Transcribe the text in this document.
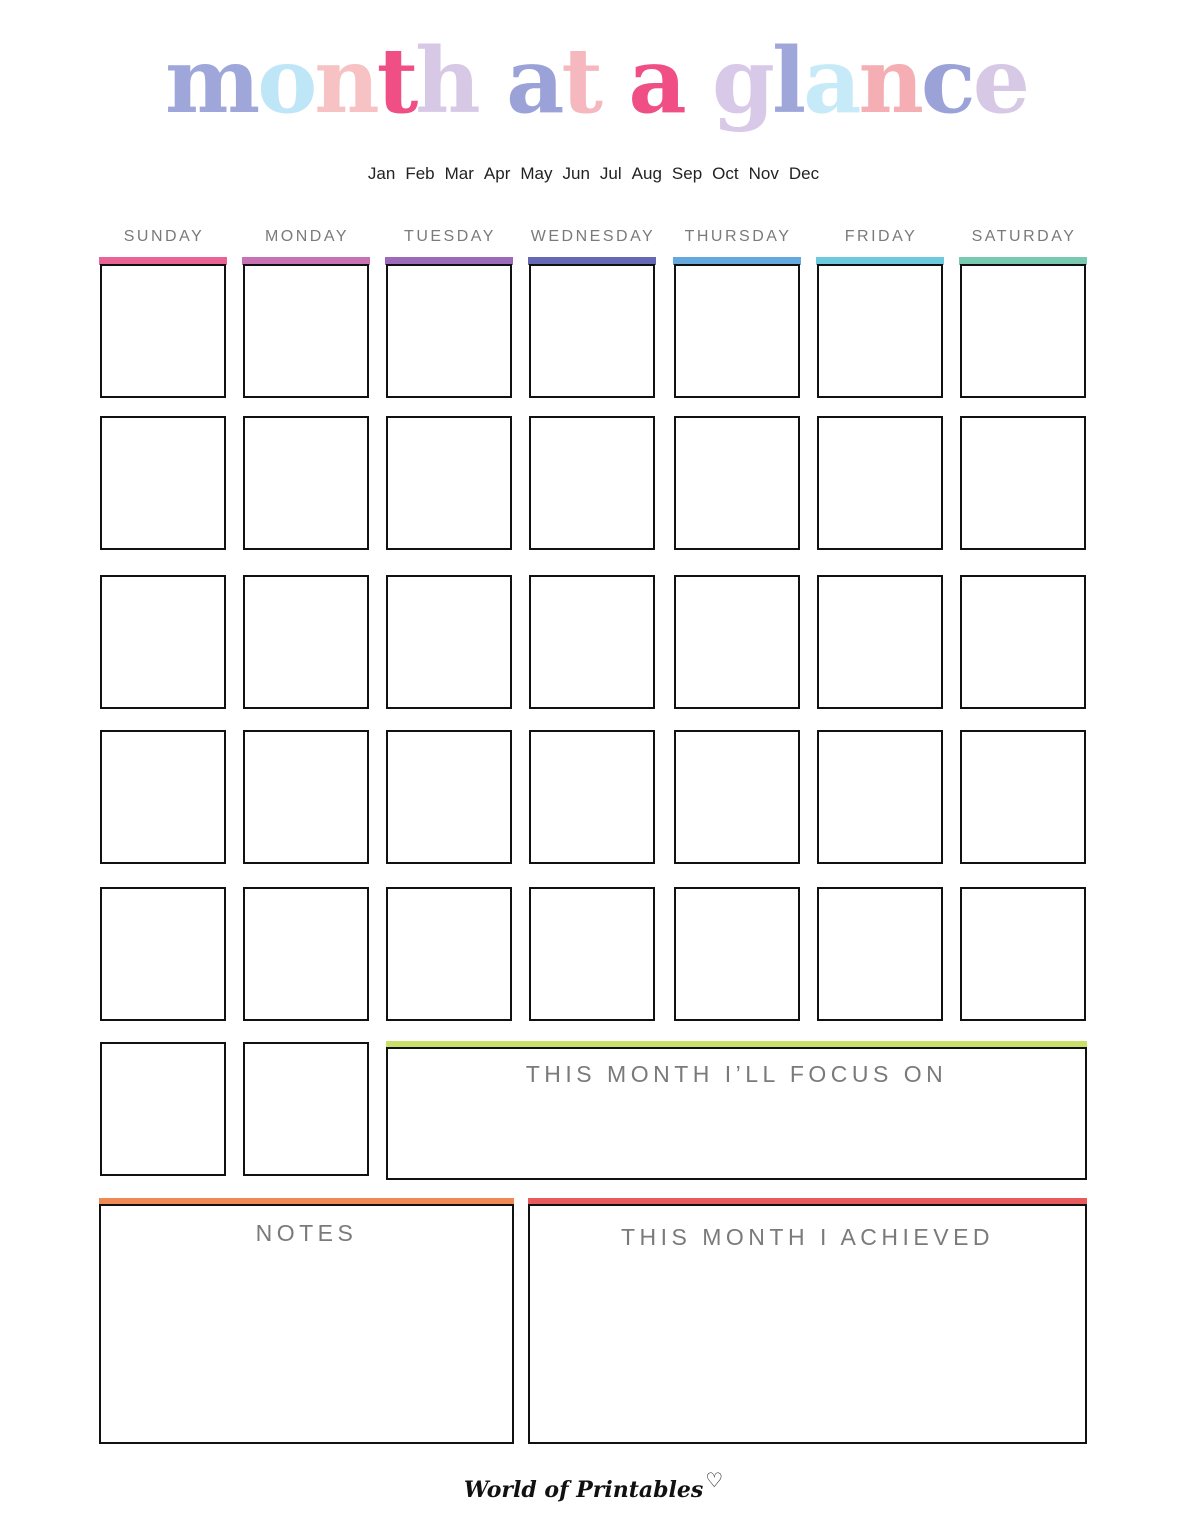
month at a glance
Jan Feb Mar Apr May Jun Jul Aug Sep Oct Nov Dec
SUNDAY	MONDAY	TUESDAY	WEDNESDAY	THURSDAY	FRIDAY	SATURDAY
THIS MONTH I’LL FOCUS ON
NOTES	THIS MONTH I ACHIEVED
World of Printables ♡
